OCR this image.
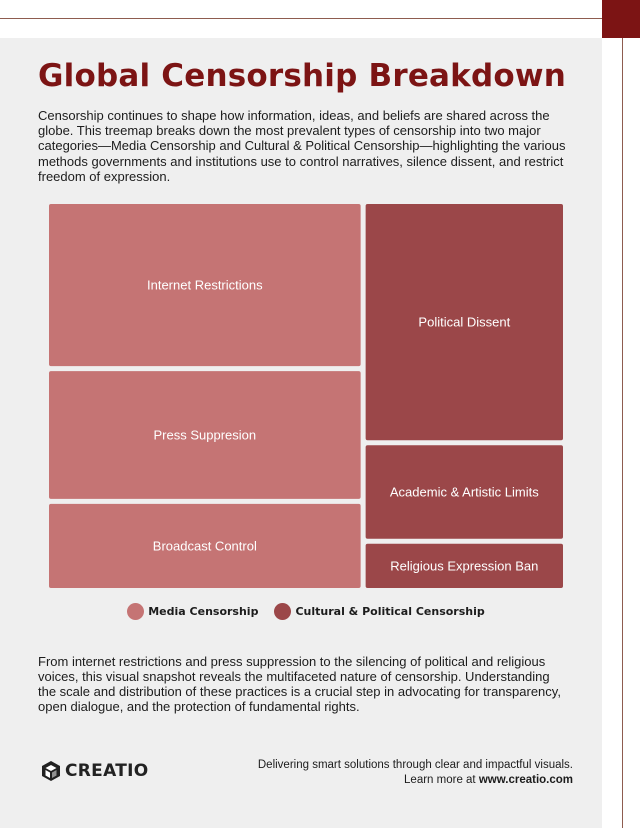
Global Censorship Breakdown

Censorship continues to shape how information, ideas, and beliefs are shared across the globe. This treemap breaks down the most prevalent types of censorship into two major categories—Media Censorship and Cultural & Political Censorship—highlighting the various methods governments and institutions use to control narratives, silence dissent, and restrict freedom of expression.

Internet Restrictions
Press Suppresion
Broadcast Control
Political Dissent
Academic & Artistic Limits
Religious Expression Ban
Media Censorship	Cultural & Political Censorship

From internet restrictions and press suppression to the silencing of political and religious voices, this visual snapshot reveals the multifaceted nature of censorship. Understanding the scale and distribution of these practices is a crucial step in advocating for transparency, open dialogue, and the protection of fundamental rights.

CREATIO	Delivering smart solutions through clear and impactful visuals. Learn more at www.creatio.com
